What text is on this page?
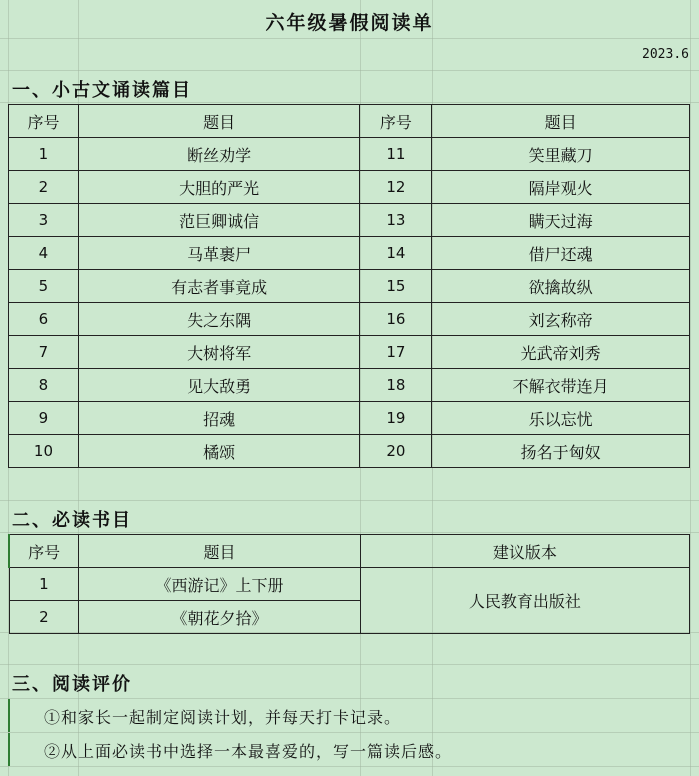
六年级暑假阅读单
2023.6
一、小古文诵读篇目
序号	题目	序号	题目
1	断丝劝学	11	笑里藏刀
2	大胆的严光	12	隔岸观火
3	范巨卿诚信	13	瞒天过海
4	马革裹尸	14	借尸还魂
5	有志者事竟成	15	欲擒故纵
6	失之东隅	16	刘玄称帝
7	大树将军	17	光武帝刘秀
8	见大敌勇	18	不解衣带连月
9	招魂	19	乐以忘忧
10	橘颂	20	扬名于匈奴
二、必读书目
序号	题目	建议版本
1	《西游记》上下册	人民教育出版社
2	《朝花夕拾》	
三、阅读评价
①和家长一起制定阅读计划，并每天打卡记录。
②从上面必读书中选择一本最喜爱的，写一篇读后感。
